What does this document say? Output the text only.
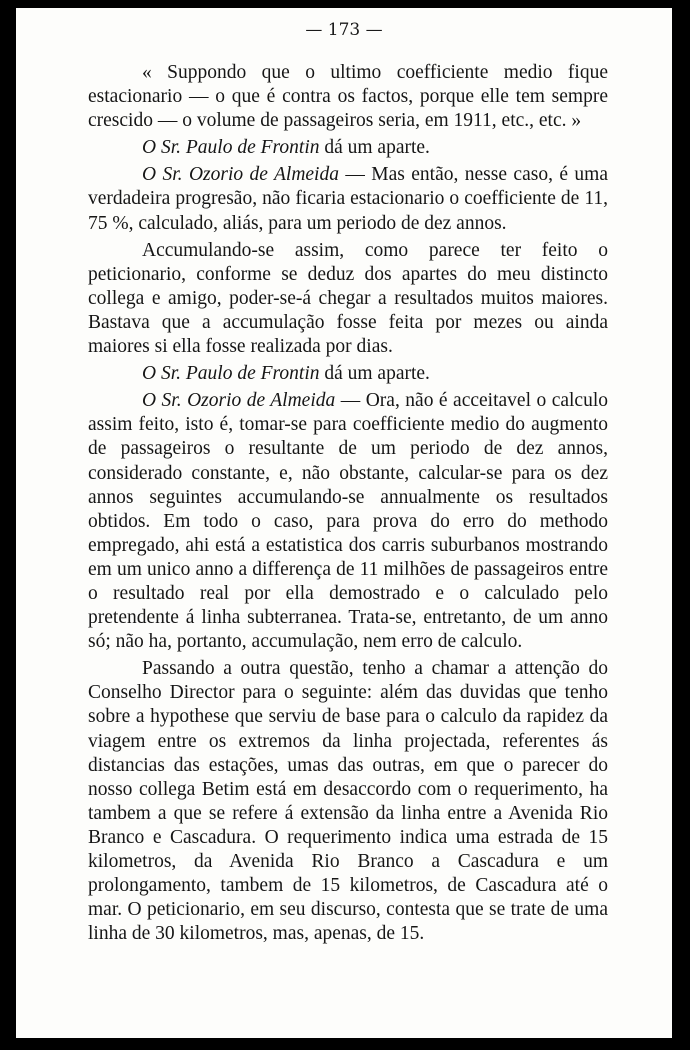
— 173 —

« Suppondo que o ultimo coefficiente medio fique estacionario — o que é contra os factos, porque elle tem sempre crescido — o volume de passageiros seria, em 1911, etc., etc. »

O Sr. Paulo de Frontin dá um aparte.

O Sr. Ozorio de Almeida — Mas então, nesse caso, é uma verdadeira progresão, não ficaria estacionario o coefficiente de 11, 75 %, calculado, aliás, para um periodo de dez annos.

Accumulando-se assim, como parece ter feito o peticionario, conforme se deduz dos apartes do meu distincto collega e amigo, poder-se-á chegar a resultados muitos maiores. Bastava que a accumulação fosse feita por mezes ou ainda maiores si ella fosse realizada por dias.

O Sr. Paulo de Frontin dá um aparte.

O Sr. Ozorio de Almeida — Ora, não é acceitavel o calculo assim feito, isto é, tomar-se para coefficiente medio do augmento de passageiros o resultante de um periodo de dez annos, considerado constante, e, não obstante, calcular-se para os dez annos seguintes accumulando-se annualmente os resultados obtidos. Em todo o caso, para prova do erro do methodo empregado, ahi está a estatistica dos carris suburbanos mostrando em um unico anno a differença de 11 milhões de passageiros entre o resultado real por ella demostrado e o calculado pelo pretendente á linha subterranea. Trata-se, entretanto, de um anno só; não ha, portanto, accumulação, nem erro de calculo.

Passando a outra questão, tenho a chamar a attenção do Conselho Director para o seguinte: além das duvidas que tenho sobre a hypothese que serviu de base para o calculo da rapidez da viagem entre os extremos da linha projectada, referentes ás distancias das estações, umas das outras, em que o parecer do nosso collega Betim está em desaccordo com o requerimento, ha tambem a que se refere á extensão da linha entre a Avenida Rio Branco e Cascadura. O requerimento indica uma estrada de 15 kilometros, da Avenida Rio Branco a Cascadura e um prolongamento, tambem de 15 kilometros, de Cascadura até o mar. O peticionario, em seu discurso, contesta que se trate de uma linha de 30 kilometros, mas, apenas, de 15.
